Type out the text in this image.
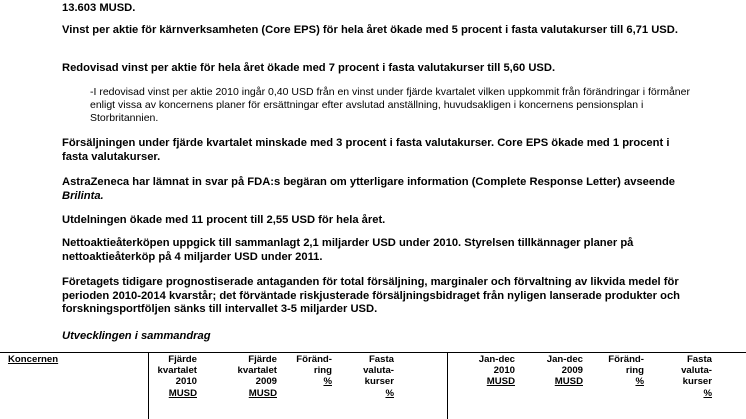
13.603 MUSD.
Vinst per aktie för kärnverksamheten (Core EPS) för hela året ökade med 5 procent i fasta valutakurser till 6,71 USD.
Redovisad vinst per aktie för hela året ökade med 7 procent i fasta valutakurser till 5,60 USD.
-I redovisad vinst per aktie 2010 ingår 0,40 USD från en vinst under fjärde kvartalet vilken uppkommit från förändringar i förmåner enligt vissa av koncernens planer för ersättningar efter avslutad anställning, huvudsakligen i koncernens pensionsplan i Storbritannien.
Försäljningen under fjärde kvartalet minskade med 3 procent i fasta valutakurser. Core EPS ökade med 1 procent i fasta valutakurser.
AstraZeneca har lämnat in svar på FDA:s begäran om ytterligare information (Complete Response Letter) avseende Brilinta.
Utdelningen ökade med 11 procent till 2,55 USD för hela året.
Nettoaktieåterköpen uppgick till sammanlagt 2,1 miljarder USD under 2010. Styrelsen tillkännager planer på nettoaktieåterköp på 4 miljarder USD under 2011.
Företagets tidigare prognostiserade antaganden för total försäljning, marginaler och förvaltning av likvida medel för perioden 2010-2014 kvarstår; det förväntade riskjusterade försäljningsbidraget från nyligen lanserade produkter och forskningsportföljen sänks till intervallet 3-5 miljarder USD.
Utvecklingen i sammandrag
Koncernen	Fjärde
kvartalet
2010
MUSD
Fjärde
kvartalet
2009
MUSD
Föränd-
ring
%
Fasta
valuta-
kurser
%
Jan-dec
2010
MUSD
Jan-dec
2009
MUSD
Föränd-
ring
%
Fasta
valuta-
kurser
%
